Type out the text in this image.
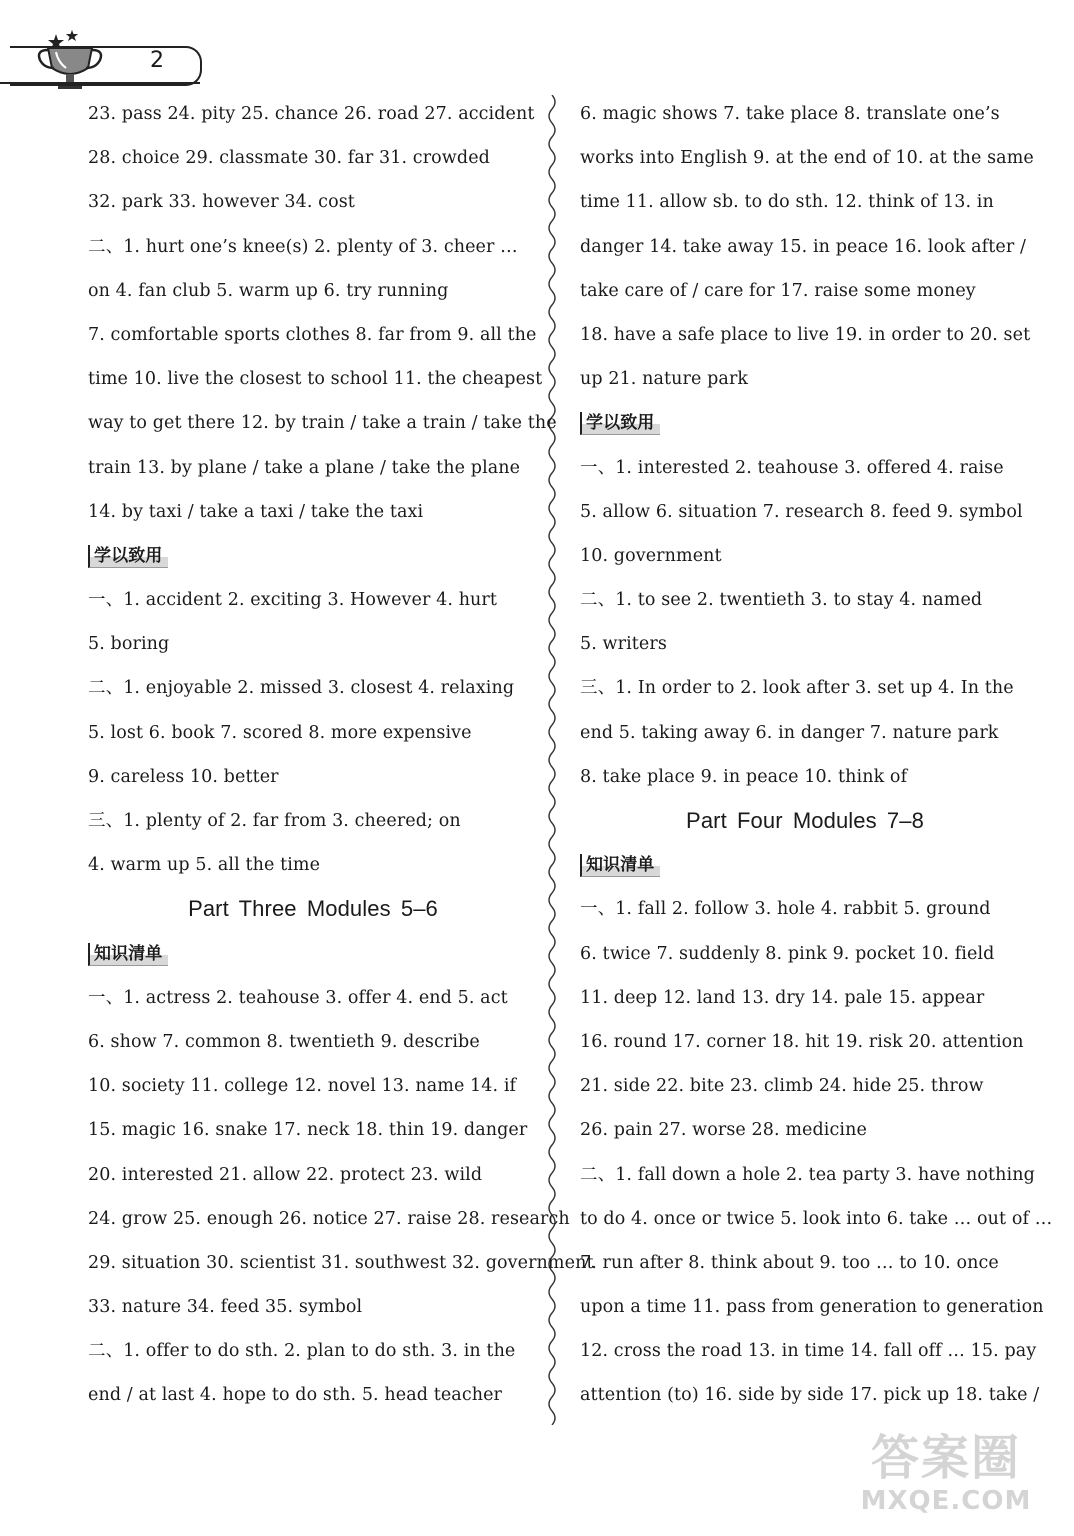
2
23. pass 24. pity 25. chance 26. road 27. accident
28. choice 29. classmate 30. far 31. crowded
32. park 33. however 34. cost
二、1. hurt one’s knee(s) 2. plenty of 3. cheer …
on 4. fan club 5. warm up 6. try running
7. comfortable sports clothes 8. far from 9. all the
time 10. live the closest to school 11. the cheapest
way to get there 12. by train / take a train / take the
train 13. by plane / take a plane / take the plane
14. by taxi / take a taxi / take the taxi
学以致用
一、1. accident 2. exciting 3. However 4. hurt
5. boring
二、1. enjoyable 2. missed 3. closest 4. relaxing
5. lost 6. book 7. scored 8. more expensive
9. careless 10. better
三、1. plenty of 2. far from 3. cheered; on
4. warm up 5. all the time
Part Three Modules 5–6
知识清单
一、1. actress 2. teahouse 3. offer 4. end 5. act
6. show 7. common 8. twentieth 9. describe
10. society 11. college 12. novel 13. name 14. if
15. magic 16. snake 17. neck 18. thin 19. danger
20. interested 21. allow 22. protect 23. wild
24. grow 25. enough 26. notice 27. raise 28. research
29. situation 30. scientist 31. southwest 32. government
33. nature 34. feed 35. symbol
二、1. offer to do sth. 2. plan to do sth. 3. in the
end / at last 4. hope to do sth. 5. head teacher
6. magic shows 7. take place 8. translate one’s
works into English 9. at the end of 10. at the same
time 11. allow sb. to do sth. 12. think of 13. in
danger 14. take away 15. in peace 16. look after /
take care of / care for 17. raise some money
18. have a safe place to live 19. in order to 20. set
up 21. nature park
学以致用
一、1. interested 2. teahouse 3. offered 4. raise
5. allow 6. situation 7. research 8. feed 9. symbol
10. government
二、1. to see 2. twentieth 3. to stay 4. named
5. writers
三、1. In order to 2. look after 3. set up 4. In the
end 5. taking away 6. in danger 7. nature park
8. take place 9. in peace 10. think of
Part Four Modules 7–8
知识清单
一、1. fall 2. follow 3. hole 4. rabbit 5. ground
6. twice 7. suddenly 8. pink 9. pocket 10. field
11. deep 12. land 13. dry 14. pale 15. appear
16. round 17. corner 18. hit 19. risk 20. attention
21. side 22. bite 23. climb 24. hide 25. throw
26. pain 27. worse 28. medicine
二、1. fall down a hole 2. tea party 3. have nothing
to do 4. once or twice 5. look into 6. take … out of …
7. run after 8. think about 9. too … to 10. once
upon a time 11. pass from generation to generation
12. cross the road 13. in time 14. fall off … 15. pay
attention (to) 16. side by side 17. pick up 18. take /
答案圈
MXQE.COM
